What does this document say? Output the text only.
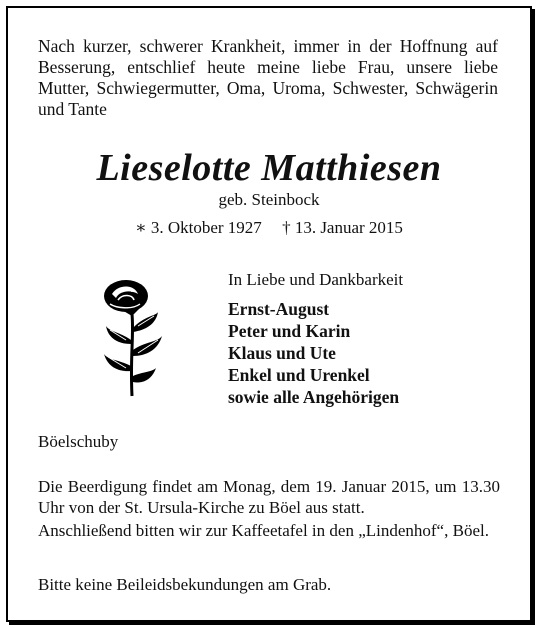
Nach kurzer, schwerer Krankheit, immer in der Hoffnung auf Besserung, entschlief heute meine liebe Frau, unsere liebe Mutter, Schwiegermutter, Oma, Uroma, Schwester, Schwägerin und Tante
Lieselotte Matthiesen
geb. Steinbock
∗ 3. Oktober 1927 † 13. Januar 2015
In Liebe und Dankbarkeit
Ernst-August
Peter und Karin
Klaus und Ute
Enkel und Urenkel
sowie alle Angehörigen
Böelschuby
Die Beerdigung findet am Monag, dem 19. Januar 2015, um 13.30 Uhr von der St. Ursula-Kirche zu Böel aus statt.
Anschließend bitten wir zur Kaffeetafel in den „Lindenhof“, Böel.
Bitte keine Beileidsbekundungen am Grab.
